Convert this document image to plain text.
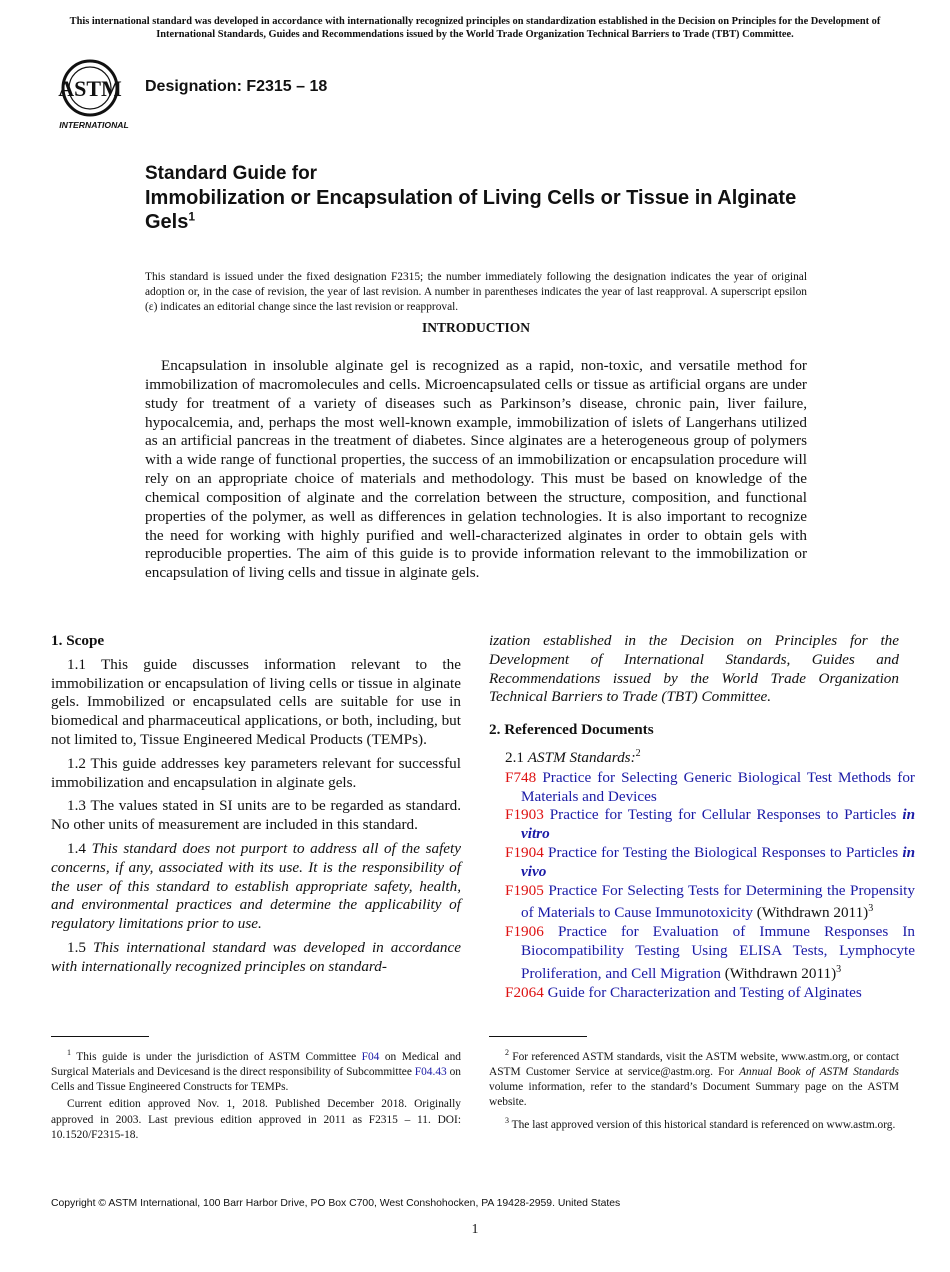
This international standard was developed in accordance with internationally recognized principles on standardization established in the Decision on Principles for the Development of International Standards, Guides and Recommendations issued by the World Trade Organization Technical Barriers to Trade (TBT) Committee.
ASTM
INTERNATIONAL
Designation: F2315 – 18
Standard Guide for
Immobilization or Encapsulation of Living Cells or Tissue in Alginate Gels$^1$
This standard is issued under the fixed designation F2315; the number immediately following the designation indicates the year of original adoption or, in the case of revision, the year of last revision. A number in parentheses indicates the year of last reapproval. A superscript epsilon (ε) indicates an editorial change since the last revision or reapproval.
INTRODUCTION

Encapsulation in insoluble alginate gel is recognized as a rapid, non-toxic, and versatile method for immobilization of macromolecules and cells. Microencapsulated cells or tissue as artificial organs are under study for treatment of a variety of diseases such as Parkinson’s disease, chronic pain, liver failure, hypocalcemia, and, perhaps the most well-known example, immobilization of islets of Langerhans utilized as an artificial pancreas in the treatment of diabetes. Since alginates are a heterogeneous group of polymers with a wide range of functional properties, the success of an immobilization or encapsulation procedure will rely on an appropriate choice of materials and methodology. This must be based on knowledge of the chemical composition of alginate and the correlation between the structure, composition, and functional properties of the polymer, as well as differences in gelation technologies. It is also important to recognize the need for working with highly purified and well-characterized alginates in order to obtain gels with reproducible properties. The aim of this guide is to provide information relevant to the immobilization or encapsulation of living cells and tissue in alginate gels.

1. Scope

1.1 This guide discusses information relevant to the immobilization or encapsulation of living cells or tissue in alginate gels. Immobilized or encapsulated cells are suitable for use in biomedical and pharmaceutical applications, or both, including, but not limited to, Tissue Engineered Medical Products (TEMPs).

1.2 This guide addresses key parameters relevant for successful immobilization and encapsulation in alginate gels.

1.3 The values stated in SI units are to be regarded as standard. No other units of measurement are included in this standard.

1.4 This standard does not purport to address all of the safety concerns, if any, associated with its use. It is the responsibility of the user of this standard to establish appropriate safety, health, and environmental practices and determine the applicability of regulatory limitations prior to use.

1.5 This international standard was developed in accordance with internationally recognized principles on standard-

ization established in the Decision on Principles for the Development of International Standards, Guides and Recommendations issued by the World Trade Organization Technical Barriers to Trade (TBT) Committee.

2. Referenced Documents

2.1 ASTM Standards:$^2$

F748 Practice for Selecting Generic Biological Test Methods for Materials and Devices

F1903 Practice for Testing for Cellular Responses to Particles in vitro

F1904 Practice for Testing the Biological Responses to Particles in vivo

F1905 Practice For Selecting Tests for Determining the Propensity of Materials to Cause Immunotoxicity (Withdrawn 2011)$^3$

F1906 Practice for Evaluation of Immune Responses In Biocompatibility Testing Using ELISA Tests, Lymphocyte Proliferation, and Cell Migration (Withdrawn 2011)$^3$

F2064 Guide for Characterization and Testing of Alginates

$^1$ This guide is under the jurisdiction of ASTM Committee F04 on Medical and Surgical Materials and Devicesand is the direct responsibility of Subcommittee F04.43 on Cells and Tissue Engineered Constructs for TEMPs.

Current edition approved Nov. 1, 2018. Published December 2018. Originally approved in 2003. Last previous edition approved in 2011 as F2315 – 11. DOI: 10.1520/F2315-18.

$^2$ For referenced ASTM standards, visit the ASTM website, www.astm.org, or contact ASTM Customer Service at service@astm.org. For Annual Book of ASTM Standards volume information, refer to the standard’s Document Summary page on the ASTM website.

$^3$ The last approved version of this historical standard is referenced on www.astm.org.

Copyright © ASTM International, 100 Barr Harbor Drive, PO Box C700, West Conshohocken, PA 19428-2959. United States
1
